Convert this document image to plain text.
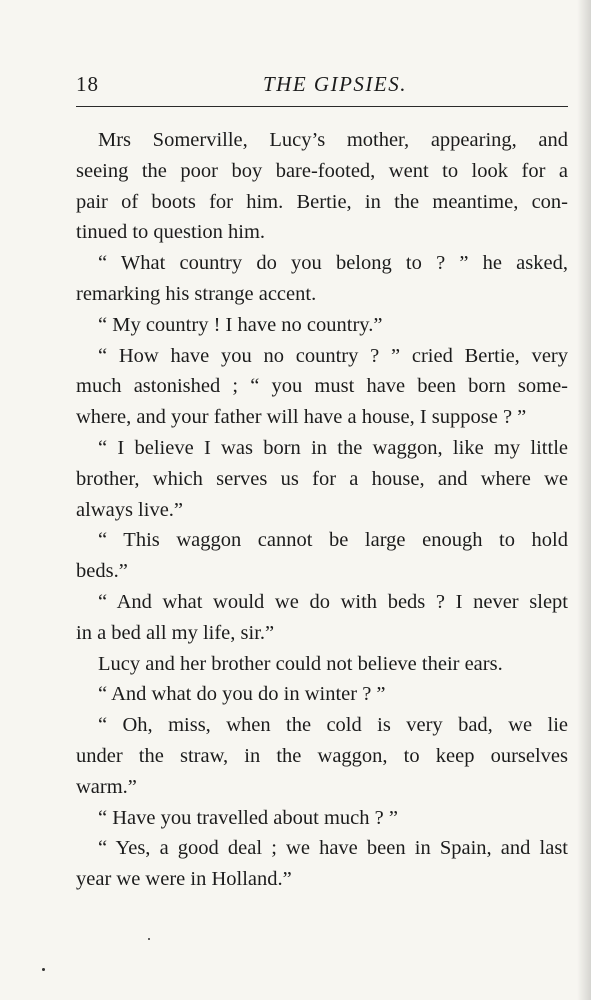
18	THE GIPSIES.

Mrs Somerville, Lucy’s mother, appearing, and
seeing the poor boy bare-footed, went to look for a
pair of boots for him. Bertie, in the meantime, con-
tinued to question him.

“ What country do you belong to ? ” he asked,
remarking his strange accent.

“ My country ! I have no country.”

“ How have you no country ? ” cried Bertie, very
much astonished ; “ you must have been born some-
where, and your father will have a house, I suppose ? ”

“ I believe I was born in the waggon, like my little
brother, which serves us for a house, and where we
always live.”

“ This waggon cannot be large enough to hold
beds.”

“ And what would we do with beds ? I never slept
in a bed all my life, sir.”

Lucy and her brother could not believe their ears.

“ And what do you do in winter ? ”

“ Oh, miss, when the cold is very bad, we lie
under the straw, in the waggon, to keep ourselves
warm.”

“ Have you travelled about much ? ”

“ Yes, a good deal ; we have been in Spain, and last
year we were in Holland.”
